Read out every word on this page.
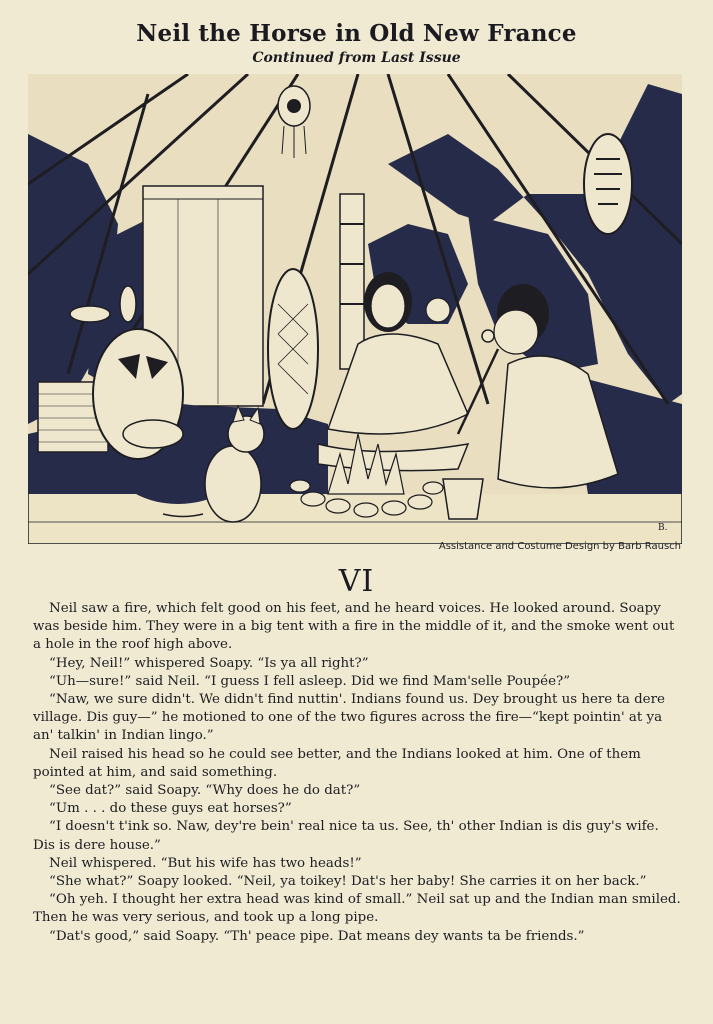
Neil the Horse in Old New France
Continued from Last Issue
B.
Assistance and Costume Design by Barb Rausch
VI

Neil saw a fire, which felt good on his feet, and he heard voices. He looked around. Soapy was beside him. They were in a big tent with a fire in the middle of it, and the smoke went out a hole in the roof high above.

“Hey, Neil!” whispered Soapy. “Is ya all right?”

“Uh—sure!” said Neil. “I guess I fell asleep. Did we find Mam'selle Poupée?”

“Naw, we sure didn't. We didn't find nuttin'. Indians found us. Dey brought us here ta dere village. Dis guy—” he motioned to one of the two figures across the fire—“kept pointin' at ya an' talkin' in Indian lingo.”

Neil raised his head so he could see better, and the Indians looked at him. One of them pointed at him, and said something.

“See dat?” said Soapy. “Why does he do dat?”

“Um . . . do these guys eat horses?”

“I doesn't t'ink so. Naw, dey're bein' real nice ta us. See, th' other Indian is dis guy's wife. Dis is dere house.”

Neil whispered. “But his wife has two heads!”

“She what?” Soapy looked. “Neil, ya toikey! Dat's her baby! She carries it on her back.”

“Oh yeh. I thought her extra head was kind of small.” Neil sat up and the Indian man smiled. Then he was very serious, and took up a long pipe.

“Dat's good,” said Soapy. “Th' peace pipe. Dat means dey wants ta be friends.”
